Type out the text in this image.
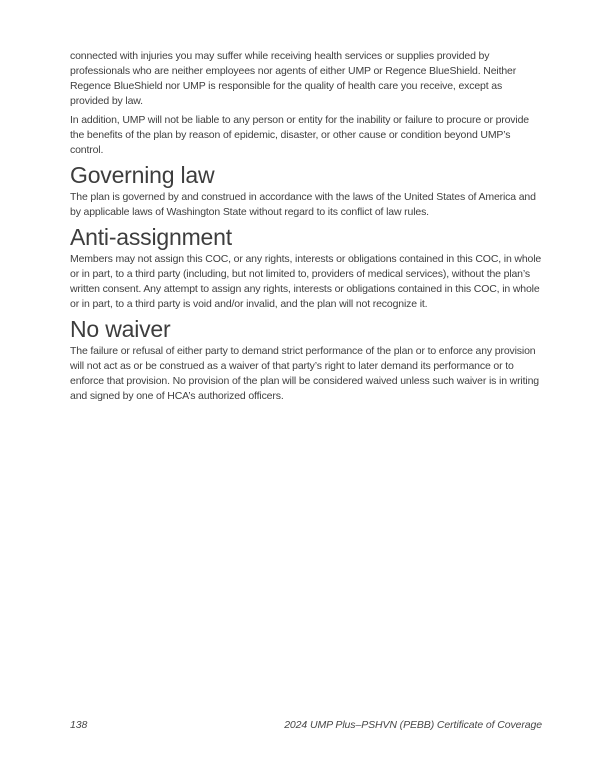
connected with injuries you may suffer while receiving health services or supplies provided by professionals who are neither employees nor agents of either UMP or Regence BlueShield. Neither Regence BlueShield nor UMP is responsible for the quality of health care you receive, except as provided by law.

In addition, UMP will not be liable to any person or entity for the inability or failure to procure or provide the benefits of the plan by reason of epidemic, disaster, or other cause or condition beyond UMP’s control.

Governing law

The plan is governed by and construed in accordance with the laws of the United States of America and by applicable laws of Washington State without regard to its conflict of law rules.

Anti-assignment

Members may not assign this COC, or any rights, interests or obligations contained in this COC, in whole or in part, to a third party (including, but not limited to, providers of medical services), without the plan’s written consent. Any attempt to assign any rights, interests or obligations contained in this COC, in whole or in part, to a third party is void and/or invalid, and the plan will not recognize it.

No waiver

The failure or refusal of either party to demand strict performance of the plan or to enforce any provision will not act as or be construed as a waiver of that party’s right to later demand its performance or to enforce that provision. No provision of the plan will be considered waived unless such waiver is in writing and signed by one of HCA’s authorized officers.

138	2024 UMP Plus–PSHVN (PEBB) Certificate of Coverage
